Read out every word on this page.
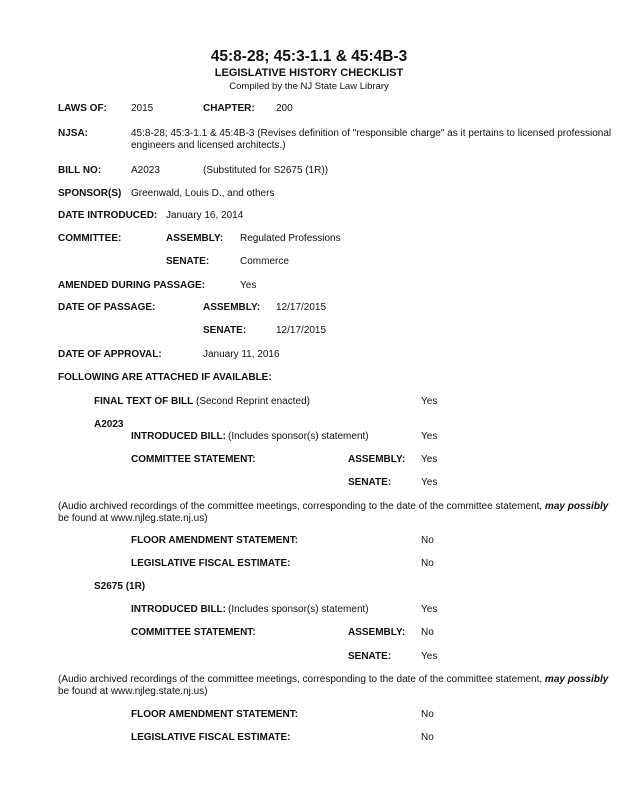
45:8-28; 45:3-1.1 & 45:4B-3
LEGISLATIVE HISTORY CHECKLIST
Compiled by the NJ State Law Library
LAWS OF: 2015	CHAPTER: 200
NJSA:	45:8-28; 45:3-1.1 & 45:4B-3 (Revises definition of "responsible charge" as it pertains to licensed professional
engineers and licensed architects.)
BILL NO:	A2023	(Substituted for S2675 (1R))
SPONSOR(S) Greenwald, Louis D., and others
DATE INTRODUCED: January 16, 2014
COMMITTEE:	ASSEMBLY: Regulated Professions
SENATE:	Commerce
AMENDED DURING PASSAGE:	Yes
DATE OF PASSAGE:	ASSEMBLY: 12/17/2015
SENATE:	12/17/2015
DATE OF APPROVAL:	January 11, 2016
FOLLOWING ARE ATTACHED IF AVAILABLE:
FINAL TEXT OF BILL (Second Reprint enacted)	Yes
A2023
INTRODUCED BILL: (Includes sponsor(s) statement)	Yes
COMMITTEE STATEMENT:	ASSEMBLY: Yes
SENATE:	Yes
(Audio archived recordings of the committee meetings, corresponding to the date of the committee statement, may possibly
be found at www.njleg.state.nj.us)
FLOOR AMENDMENT STATEMENT:	No
LEGISLATIVE FISCAL ESTIMATE:	No
S2675 (1R)
INTRODUCED BILL: (Includes sponsor(s) statement)	Yes
COMMITTEE STATEMENT:	ASSEMBLY: No
SENATE:	Yes
(Audio archived recordings of the committee meetings, corresponding to the date of the committee statement, may possibly
be found at www.njleg.state.nj.us)
FLOOR AMENDMENT STATEMENT:	No
LEGISLATIVE FISCAL ESTIMATE:	No
